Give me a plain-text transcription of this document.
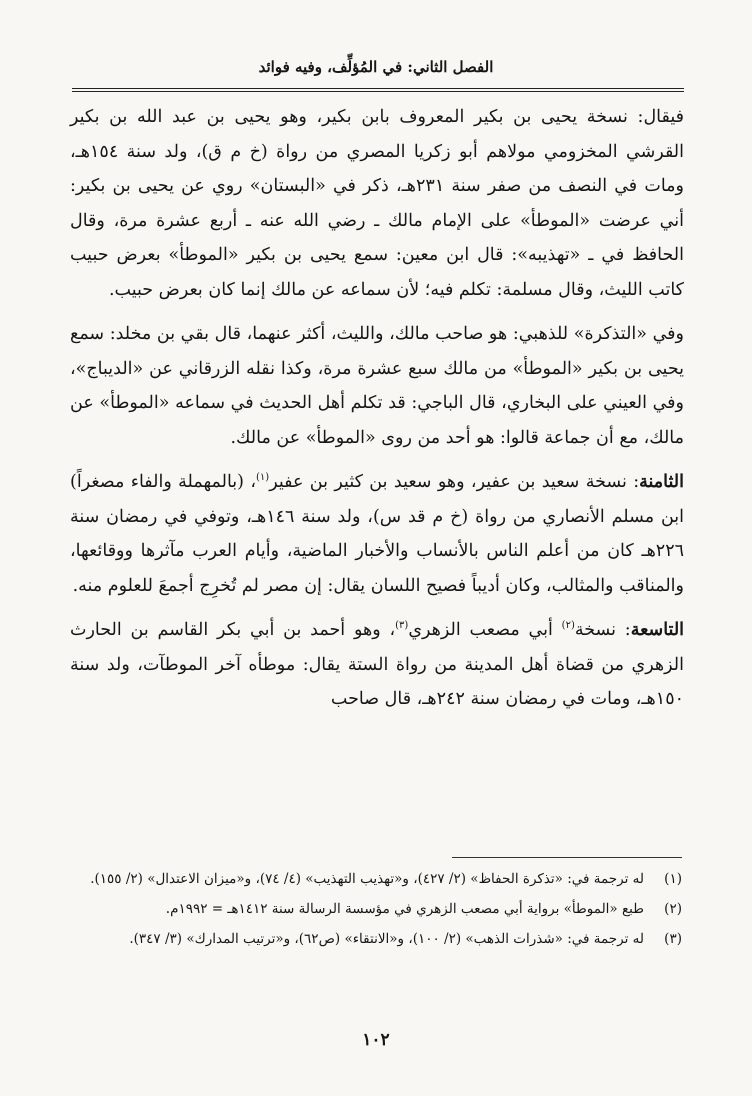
الفصل الثاني: في المُؤلِّف، وفيه فوائد

فيقال: نسخة يحيى بن بكير المعروف بابن بكير، وهو يحيى بن عبد الله بن بكير القرشي المخزومي مولاهم أبو زكريا المصري من رواة (خ م ق)، ولد سنة ١٥٤هـ، ومات في النصف من صفر سنة ٢٣١هـ، ذكر في «البستان» روي عن يحيى بن بكير: أني عرضت «الموطأ» على الإمام مالك ـ رضي الله عنه ـ أربع عشرة مرة، وقال الحافظ في ـ «تهذيبه»: قال ابن معين: سمع يحيى بن بكير «الموطأ» بعرض حبيب كاتب الليث، وقال مسلمة: تكلم فيه؛ لأن سماعه عن مالك إنما كان بعرض حبيب.

وفي «التذكرة» للذهبي: هو صاحب مالك، والليث، أكثر عنهما، قال بقي بن مخلد: سمع يحيى بن بكير «الموطأ» من مالك سبع عشرة مرة، وكذا نقله الزرقاني عن «الديباج»، وفي العيني على البخاري، قال الباجي: قد تكلم أهل الحديث في سماعه «الموطأ» عن مالك، مع أن جماعة قالوا: هو أحد من روى «الموطأ» عن مالك.

الثامنة: نسخة سعيد بن عفير، وهو سعيد بن كثير بن عفير$^{(١)}$، (بالمهملة والفاء مصغراً) ابن مسلم الأنصاري من رواة (خ م قد س)، ولد سنة ١٤٦هـ، وتوفي في رمضان سنة ٢٢٦هـ كان من أعلم الناس بالأنساب والأخبار الماضية، وأيام العرب مآثرها ووقائعها، والمناقب والمثالب، وكان أديباً فصيح اللسان يقال: إن مصر لم تُخرِج أجمعَ للعلوم منه.

التاسعة: نسخة$^{(٢)}$ أبي مصعب الزهري$^{(٣)}$، وهو أحمد بن أبي بكر القاسم بن الحارث الزهري من قضاة أهل المدينة من رواة الستة يقال: موطأه آخر الموطآت، ولد سنة ١٥٠هـ، ومات في رمضان سنة ٢٤٢هـ، قال صاحب

(١)
له ترجمة في: «تذكرة الحفاظ» (٢/ ٤٢٧)، و«تهذيب التهذيب» (٤/ ٧٤)، و«ميزان الاعتدال» (٢/ ١٥٥).
(٢)
طبع «الموطأ» برواية أبي مصعب الزهري في مؤسسة الرسالة سنة ١٤١٢هـ = ١٩٩٢م.
(٣)
له ترجمة في: «شذرات الذهب» (٢/ ١٠٠)، و«الانتقاء» (ص٦٢)، و«ترتيب المدارك» (٣/ ٣٤٧).
١٠٢
